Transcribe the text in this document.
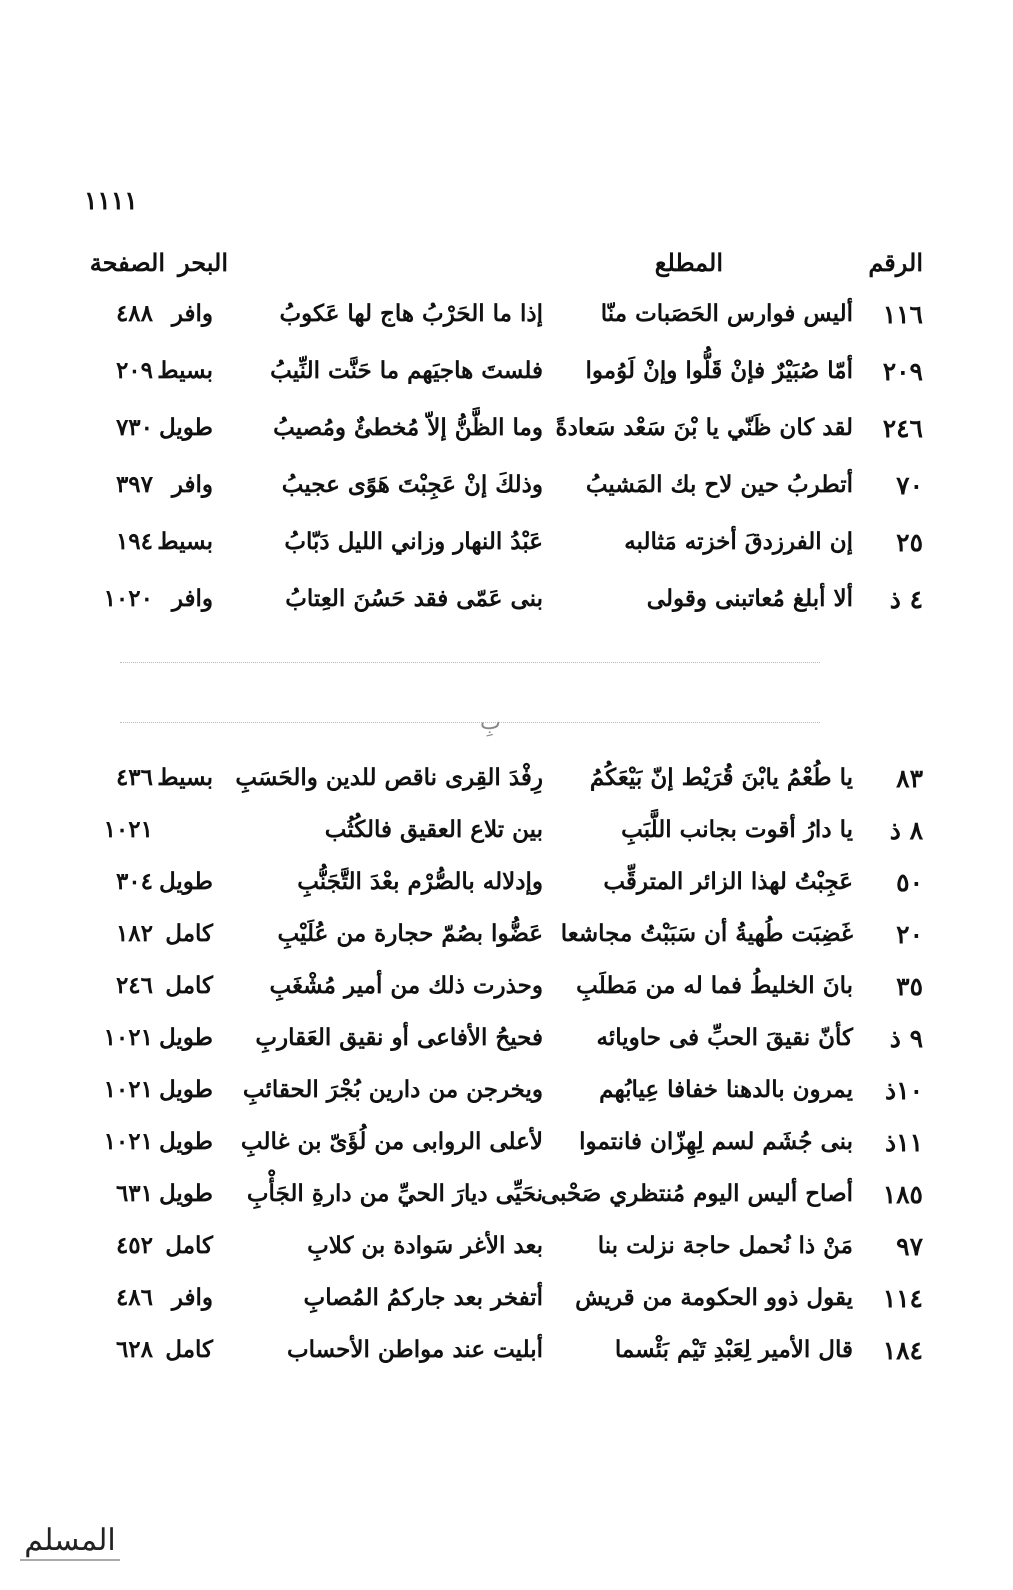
١١١١
الرقم
المطلع
البحر
الصفحة
١١٦
أليس فوارس الحَصَبات منّا
إذا ما الحَرْبُ هاج لها عَكوبُ
وافر
٤٨٨
٢٠٩
أمّا صُبَيْرٌ فإنْ قَلُّوا وإنْ لَوُموا
فلستَ هاجيَهم ما حَنَّت النِّيبُ
بسيط
٢٠٩
٢٤٦
لقد كان ظَنّي يا بْنَ سَعْد سَعادةً
وما الظَّنُّ إلاّ مُخطئٌ ومُصيبُ
طويل
٧٣٠
٧٠
أتطربُ حين لاح بك المَشيبُ
وذلكَ إنْ عَجِبْتَ هَوًى عجيبُ
وافر
٣٩٧
٢٥
إن الفرزدقَ أخزته مَثالبه
عَبْدُ النهار وزاني الليل دَبّابُ
بسيط
١٩٤
٤ ذ
ألا أبلغ مُعاتبنى وقولى
بنى عَمّى فقد حَسُنَ العِتابُ
وافر
١٠٢٠
بِ
٨٣
يا طُعْمُ يابْنَ قُرَيْط إنّ بَيْعَكُمُ
رِفْدَ القِرى ناقص للدين والحَسَبِ
بسيط
٤٣٦
٨ ذ
يا دارُ أقوت بجانب اللَّبَبِ
بين تلاع العقيق فالكُثُب
١٠٢١
٥٠
عَجِبْتُ لهذا الزائر المترقِّب
وإدلاله بالصُّرْم بعْدَ التَّجَنُّبِ
طويل
٣٠٤
٢٠
غَضِبَت طُهيةُ أن سَبَبْتُ مجاشعا
عَضُّوا بصُمّ حجارة من عُلَيْبِ
كامل
١٨٢
٣٥
بانَ الخليطُ فما له من مَطلَبِ
وحذرت ذلك من أمير مُشْغَبِ
كامل
٢٤٦
٩ ذ
كأنّ نقيقَ الحبِّ فى حاويائه
فحيحُ الأفاعى أو نقيق العَقاربِ
طويل
١٠٢١
١٠ذ
يمرون بالدهنا خفافا عِيابُهم
ويخرجن من دارين بُجْرَ الحقائبِ
طويل
١٠٢١
١١ذ
بنى جُشَم لسم لِهِزّان فانتموا
لأعلى الروابى من لُؤَىّ بن غالبِ
طويل
١٠٢١
١٨٥
أصاح أليس اليوم مُنتظري صَحْبى
نحَيِّى ديارَ الحيِّ من دارةِ الجَأْبِ
طويل
٦٣١
٩٧
مَنْ ذا نُحمل حاجة نزلت بنا
بعد الأغر سَوادة بن كلابِ
كامل
٤٥٢
١١٤
يقول ذوو الحكومة من قريش
أتفخر بعد جاركمُ المُصابِ
وافر
٤٨٦
١٨٤
قال الأمير لِعَبْدِ تَيْم بَئْسما
أبليت عند مواطن الأحساب
كامل
٦٢٨
المسلم
